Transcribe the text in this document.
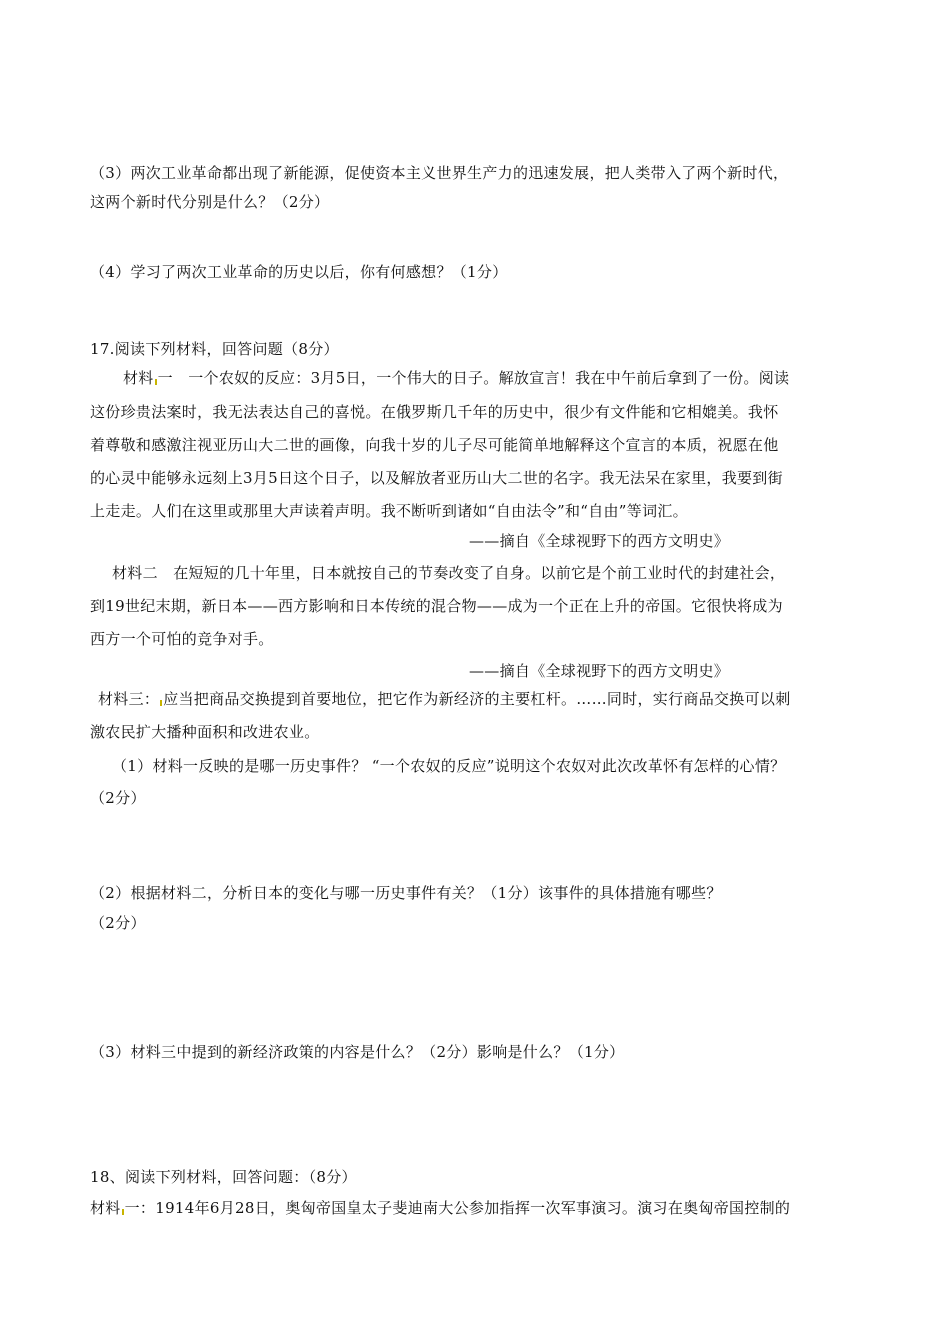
（3）两次工业革命都出现了新能源，促使资本主义世界生产力的迅速发展，把人类带入了两个新时代，
这两个新时代分别是什么？（2分）
（4）学习了两次工业革命的历史以后，你有何感想？（1分）
17.阅读下列材料，回答问题（8分）
材料 一　一个农奴的反应：3月5日，一个伟大的日子。解放宣言！我在中午前后拿到了一份。阅读
这份珍贵法案时，我无法表达自己的喜悦。在俄罗斯几千年的历史中，很少有文件能和它相媲美。我怀
着尊敬和感激注视亚历山大二世的画像，向我十岁的儿子尽可能简单地解释这个宣言的本质，祝愿在他
的心灵中能够永远刻上3月5日这个日子，以及解放者亚历山大二世的名字。我无法呆在家里，我要到街
上走走。人们在这里或那里大声读着声明。我不断听到诸如“自由法令”和“自由”等词汇。
——摘自《全球视野下的西方文明史》
材料二　在短短的几十年里，日本就按自己的节奏改变了自身。以前它是个前工业时代的封建社会，
到19世纪末期，新日本——西方影响和日本传统的混合物——成为一个正在上升的帝国。它很快将成为
西方一个可怕的竞争对手。
——摘自《全球视野下的西方文明史》
材料三： 应当把商品交换提到首要地位，把它作为新经济的主要杠杆。……同时，实行商品交换可以刺
激农民扩大播种面积和改进农业。
（1）材料一反映的是哪一历史事件？ “一个农奴的反应”说明这个农奴对此次改革怀有怎样的心情？
（2分）
（2）根据材料二，分析日本的变化与哪一历史事件有关？（1分）该事件的具体措施有哪些？
（2分）
（3）材料三中提到的新经济政策的内容是什么？（2分）影响是什么？（1分）
18、阅读下列材料，回答问题：（8分）
材料 一：1914年6月28日，奥匈帝国皇太子斐迪南大公参加指挥一次军事演习。演习在奥匈帝国控制的
